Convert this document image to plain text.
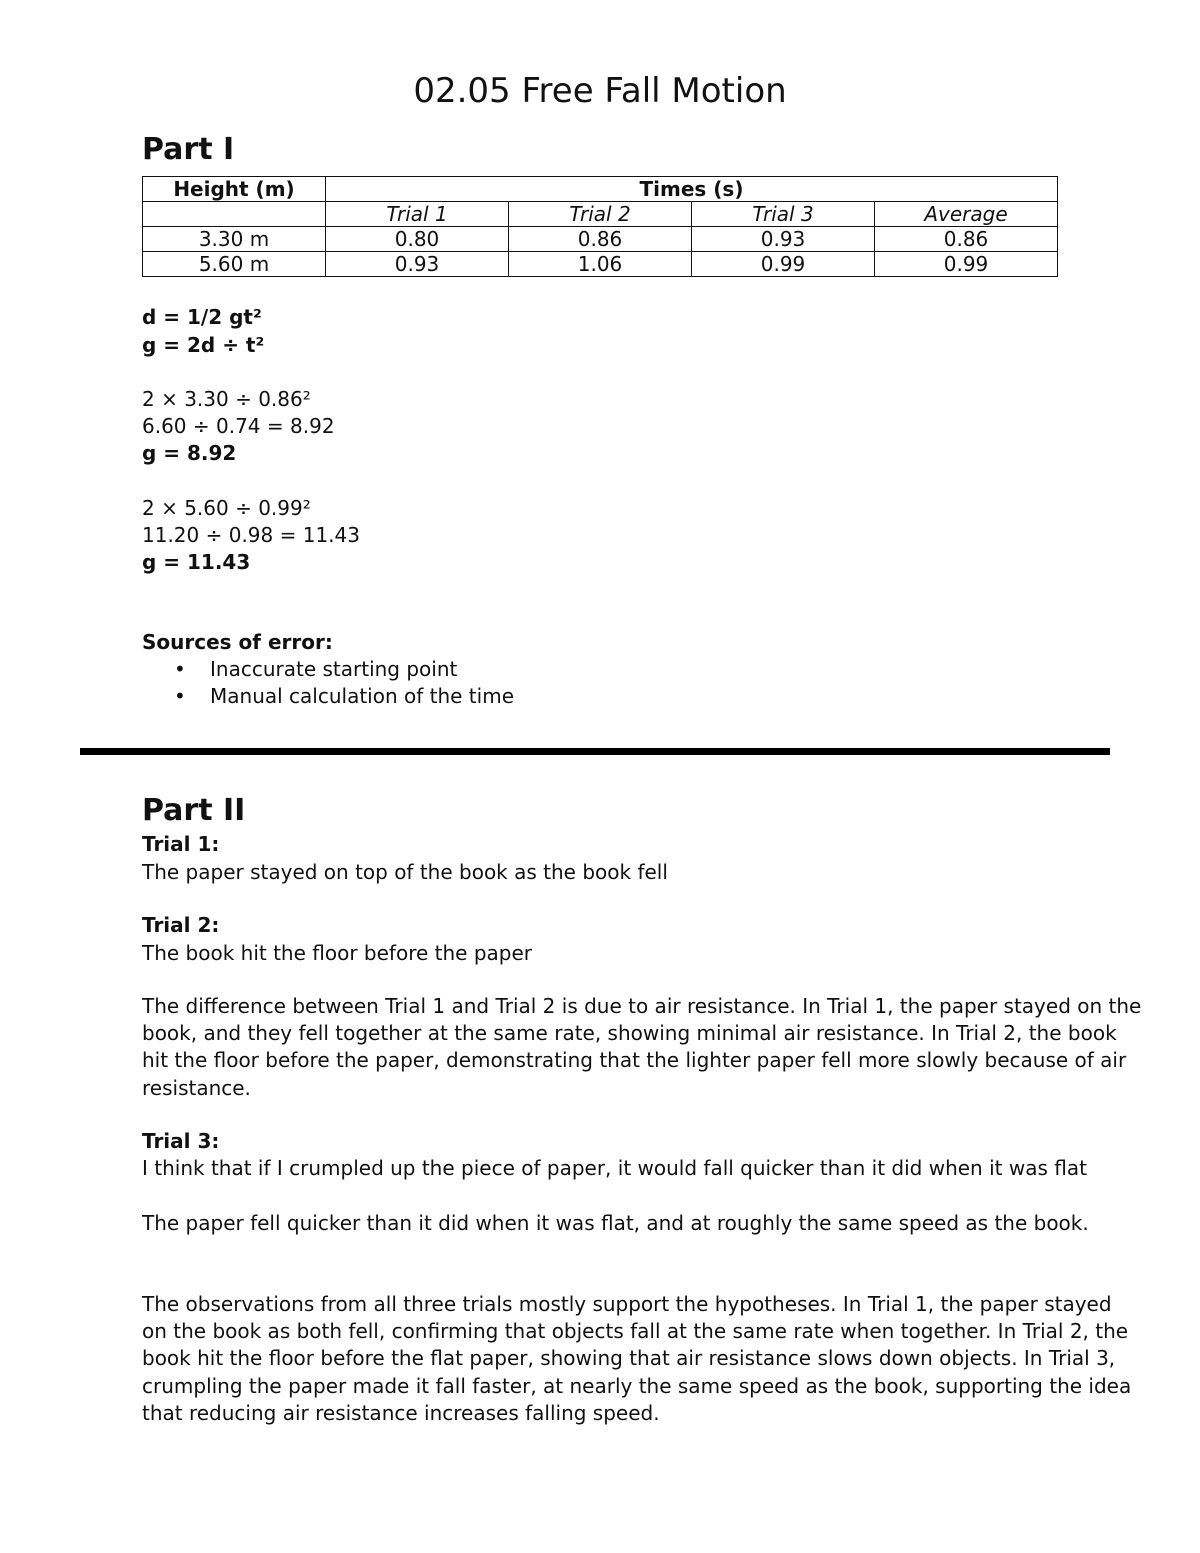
02.05 Free Fall Motion
Part I
Height (m)	Times (s)			
	Trial 1	Trial 2	Trial 3	Average
3.30 m	0.80	0.86	0.93	0.86
5.60 m	0.93	1.06	0.99	0.99
d = 1/2 gt²
g = 2d ÷ t²
2 × 3.30 ÷ 0.86²
6.60 ÷ 0.74 = 8.92
g = 8.92
2 × 5.60 ÷ 0.99²
11.20 ÷ 0.98 = 11.43
g = 11.43
Sources of error:
• Inaccurate starting point
• Manual calculation of the time
Part II
Trial 1:
The paper stayed on top of the book as the book fell
Trial 2:
The book hit the floor before the paper
The difference between Trial 1 and Trial 2 is due to air resistance. In Trial 1, the paper stayed on the book, and they fell together at the same rate, showing minimal air resistance. In Trial 2, the book hit the floor before the paper, demonstrating that the lighter paper fell more slowly because of air resistance.
Trial 3:
I think that if I crumpled up the piece of paper, it would fall quicker than it did when it was flat
The paper fell quicker than it did when it was flat, and at roughly the same speed as the book.
The observations from all three trials mostly support the hypotheses. In Trial 1, the paper stayed on the book as both fell, confirming that objects fall at the same rate when together. In Trial 2, the book hit the floor before the flat paper, showing that air resistance slows down objects. In Trial 3, crumpling the paper made it fall faster, at nearly the same speed as the book, supporting the idea that reducing air resistance increases falling speed.
